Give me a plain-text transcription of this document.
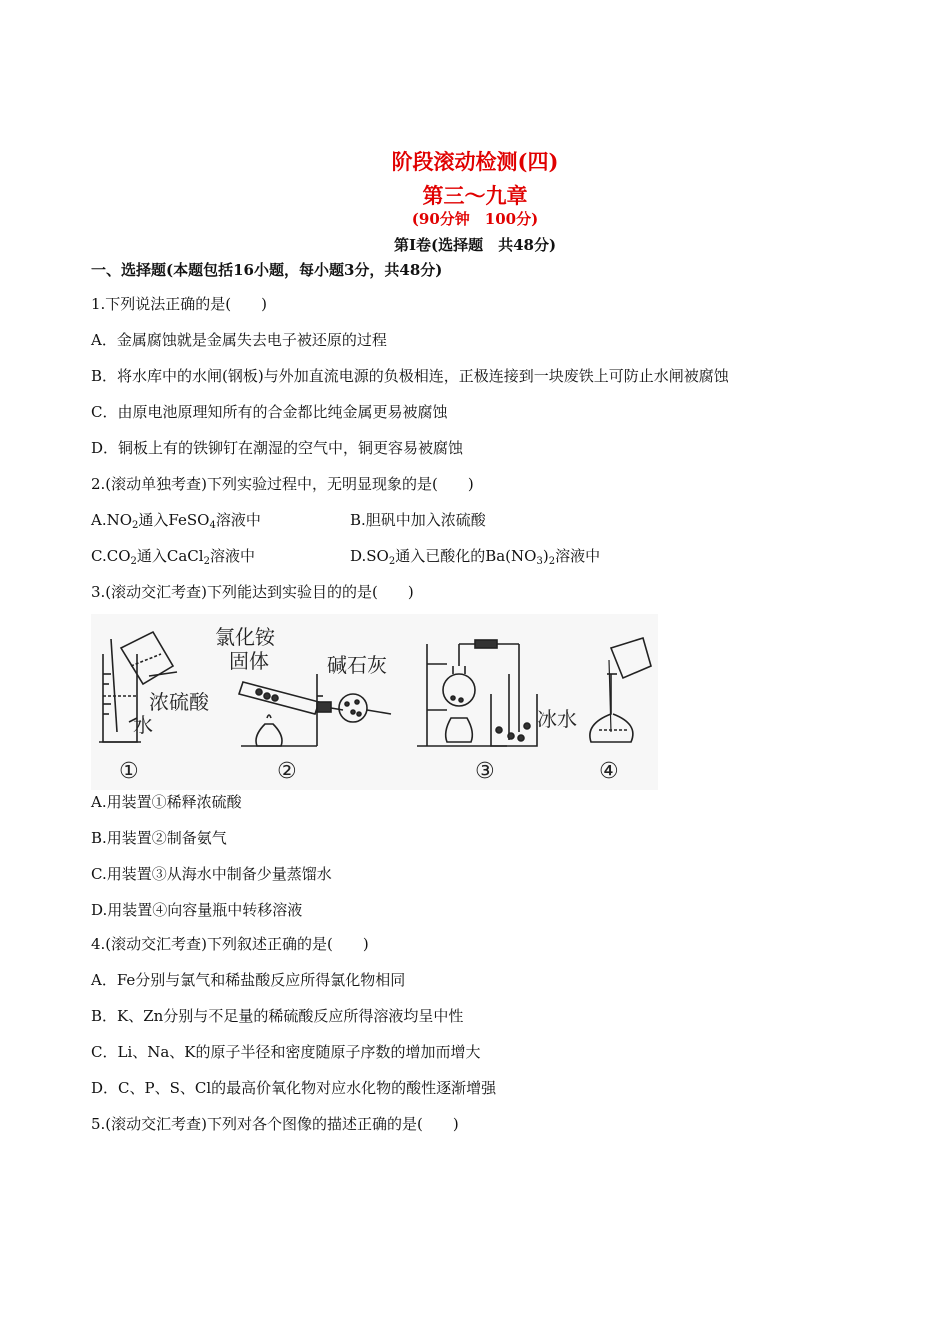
阶段滚动检测(四)
第三～九章
(90分钟　100分)
第Ⅰ卷(选择题　共48分)
一、选择题(本题包括16小题，每小题3分，共48分)
1.下列说法正确的是(　　)
A．金属腐蚀就是金属失去电子被还原的过程
B．将水库中的水闸(钢板)与外加直流电源的负极相连，正极连接到一块废铁上可防止水闸被腐蚀
C．由原电池原理知所有的合金都比纯金属更易被腐蚀
D．铜板上有的铁铆钉在潮湿的空气中，铜更容易被腐蚀
2.(滚动单独考查)下列实验过程中，无明显现象的是(　　)
$A.NO_2$通入FeSO$_4$溶液中	B.胆矾中加入浓硫酸
$C.CO_2$通入CaCl$_2$溶液中	$D.SO_2$通入已酸化的$Ba(NO_3)_2$溶液中
3.(滚动交汇考查)下列能达到实验目的的是(　　)
浓硫酸
水
①
氯化铵
固体	碱石灰
②
冰水
③	④
A.用装置①稀释浓硫酸
B.用装置②制备氨气
C.用装置③从海水中制备少量蒸馏水
D.用装置④向容量瓶中转移溶液
4.(滚动交汇考查)下列叙述正确的是(　　)
A．Fe分别与氯气和稀盐酸反应所得氯化物相同
B．K、Zn分别与不足量的稀硫酸反应所得溶液均呈中性
C．Li、Na、K的原子半径和密度随原子序数的增加而增大
D．C、P、S、Cl的最高价氧化物对应水化物的酸性逐渐增强
5.(滚动交汇考查)下列对各个图像的描述正确的是(　　)
